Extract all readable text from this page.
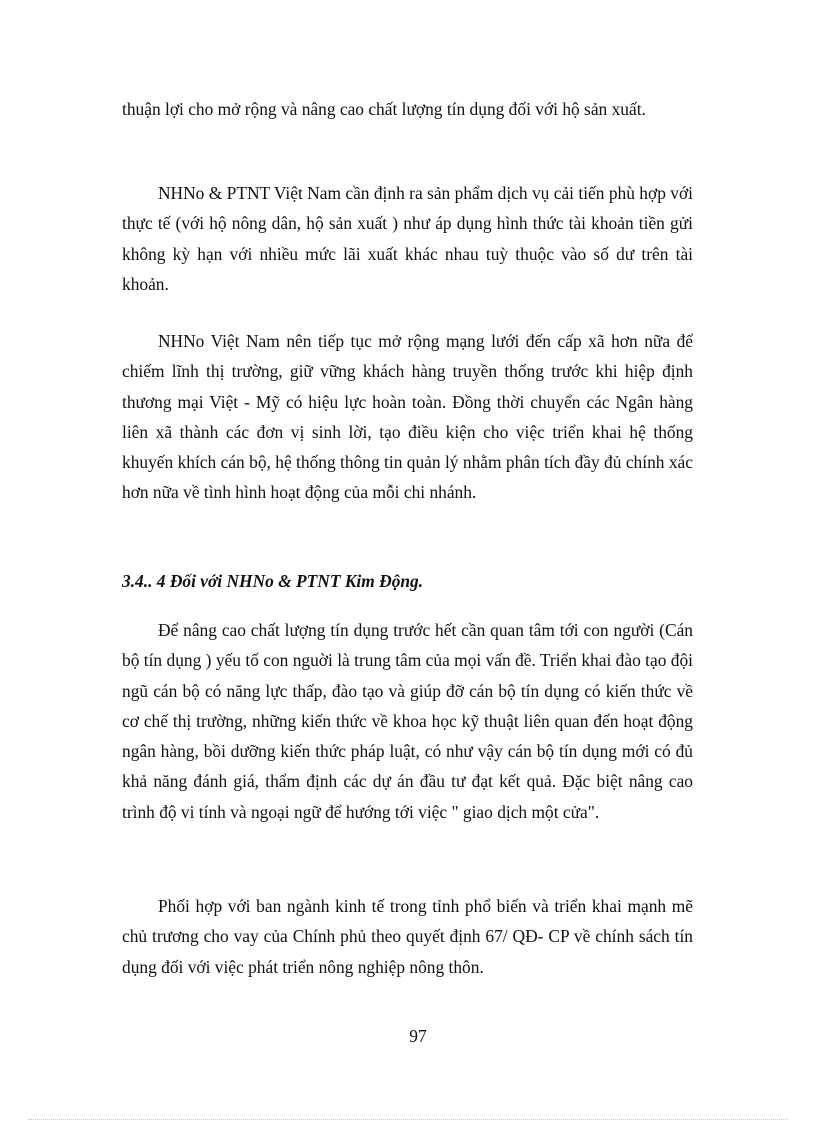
thuận lợi cho mở rộng và nâng cao chất lượng tín dụng đối với hộ sản xuất.

NHNo & PTNT Việt Nam cần định ra sản phẩm dịch vụ cải tiến phù hợp với thực tế (với hộ nông dân, hộ sản xuất ) như áp dụng hình thức tài khoản tiền gửi không kỳ hạn với nhiều mức lãi xuất khác nhau tuỳ thuộc vào số dư trên tài khoản.

NHNo Việt Nam nên tiếp tục mở rộng mạng lưới đến cấp xã hơn nữa để chiếm lĩnh thị trường, giữ vững khách hàng truyền thống trước khi hiệp định thương mại Việt - Mỹ có hiệu lực hoàn toàn. Đồng thời chuyển các Ngân hàng liên xã thành các đơn vị sinh lời, tạo điều kiện cho việc triển khai hệ thống khuyến khích cán bộ, hệ thống thông tin quản lý nhằm phân tích đầy đủ chính xác hơn nữa về tình hình hoạt động của mỗi chi nhánh.

3.4.. 4 Đối với NHNo & PTNT Kim Động.

Để nâng cao chất lượng tín dụng trước hết cần quan tâm tới con người (Cán bộ tín dụng ) yếu tố con nguời là trung tâm của mọi vấn đề. Triển khai đào tạo đội ngũ cán bộ có năng lực thấp, đào tạo và giúp đỡ cán bộ tín dụng có kiến thức về cơ chế thị trường, những kiến thức về khoa học kỹ thuật liên quan đến hoạt động ngân hàng, bồi dưỡng kiến thức pháp luật, có như vậy cán bộ tín dụng mới có đủ khả năng đánh giá, thẩm định các dự án đầu tư đạt kết quả. Đặc biệt nâng cao trình độ vi tính và ngoại ngữ để hướng tới việc " giao dịch một cửa".

Phối hợp với ban ngành kinh tế trong tỉnh phổ biến và triển khai mạnh mẽ chủ trương cho vay của Chính phủ theo quyết định 67/ QĐ- CP về chính sách tín dụng đối với việc phát triển nông nghiệp nông thôn.

97
